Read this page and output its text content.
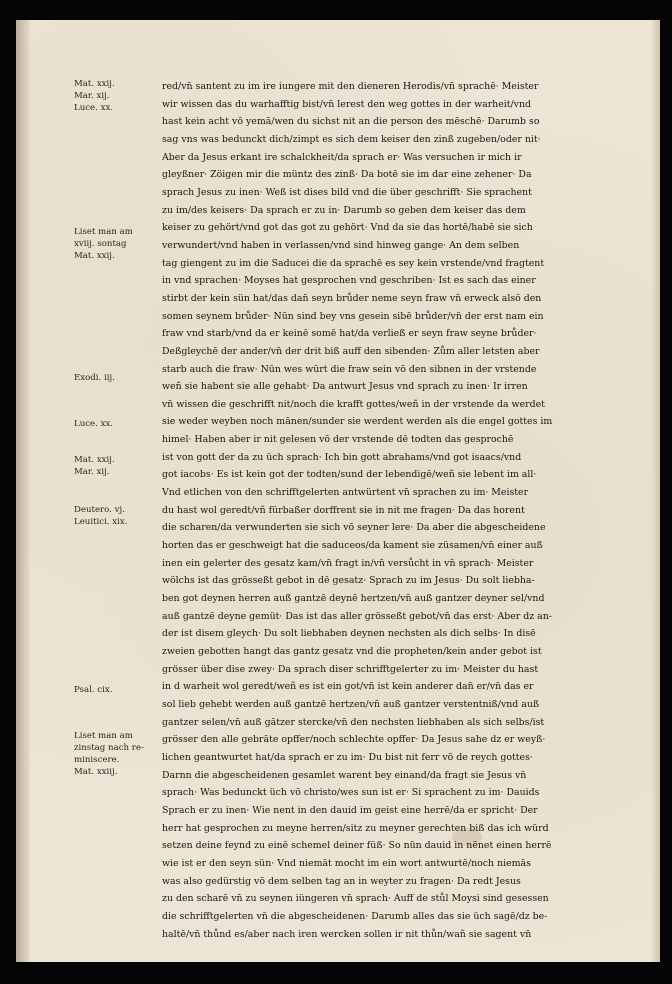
Mat. xxij.
Mar. xij.
Luce. xx.
Liset man am
xviij. sontag
Mat. xxij.
Exodi. iij.
Luce. xx.
Mat. xxij.
Mar. xij.
Deutero. vj.
Leuitici. xix.
Psal. cix.
Liset man am
zinstag nach re-
miniscere.
Mat. xxiij.
red/vn̄ santent zu im ire iungere mit den dieneren Herodis/vn̄ sprachē· Meister
wir wissen das du warhafftig bist/vn̄ lerest den weg gottes in der warheit/vnd
hast kein acht vō yemā/wen du sichst nit an die person des mēschē· Darumb so
sag vns was bedunckt dich/zimpt es sich dem keiser den zinß zugeben/oder nit·
Aber da Jesus erkant ire schalckheit/da sprach er· Was versuchen ir mich ir
gleyßner· Zöigen mir die müntz des zinß· Da botē sie im dar eine zehener· Da
sprach Jesus zu inen· Weß ist dises bild vnd die über geschrifft· Sie sprachent
zu im/des keisers· Da sprach er zu in· Darumb so geben dem keiser das dem
keiser zu gehört/vnd got das got zu gehört· Vnd da sie das hortē/habē sie sich
verwundert/vnd haben in verlassen/vnd sind hinweg gange· An dem selben
tag giengent zu im die Saducei die da sprachē es sey kein vrstende/vnd fragtent
in vnd sprachen· Moyses hat gesprochen vnd geschriben· Ist es sach das einer
stirbt der kein sün hat/das dan̄ seyn brůder neme seyn fraw vn̄ erweck alsō den
somen seynem brůder· Nūn sind bey vns gesein sibē brůder/vn̄ der erst nam ein
fraw vnd starb/vnd da er keinē somē hat/da verließ er seyn fraw seyne brůder·
Deßgleychē der ander/vn̄ der drit biß auff den sibenden· Zům aller letsten aber
starb auch die fraw· Nūn wes würt die fraw sein vō den sibnen in der vrstende
weñ sie habent sie alle gehabt· Da antwurt Jesus vnd sprach zu inen· Ir irren
vn̄ wissen die geschrifft nit/noch die krafft gottes/weñ in der vrstende da werdet
sie weder weyben noch mānen/sunder sie werdent werden als die engel gottes im
himel· Haben aber ir nit gelesen vō der vrstende dē todten das gesprochē
ist von gott der da zu üch sprach· Ich bin gott abrahams/vnd got isaacs/vnd
got iacobs· Es ist kein got der todten/sund der lebendigē/weñ sie lebent im all·
Vnd etlichen von den schrifftgelerten antwürtent vn̄ sprachen zu im· Meister
du hast wol geredt/vñ fürbaßer dorffrent sie in nit me fragen· Da das horent
die scharen/da verwunderten sie sich vō seyner lere· Da aber die abgescheidene
horten das er geschweigt hat die saduceos/da kament sie züsamen/vn̄ einer auß
inen ein gelerter des gesatz kam/vn̄ fragt in/vn̄ versůcht in vn̄ sprach· Meister
wölchs ist das grösseßt gebot in dē gesatz· Sprach zu im Jesus· Du solt liebha-
ben got deynen herren auß gantzē deynē hertzen/vn̄ auß gantzer deyner sel/vnd
auß gantzē deyne gemüt· Das ist das aller grösseßt gebot/vn̄ das erst· Aber dz an-
der ist disem gleych· Du solt liebhaben deynen nechsten als dich selbs· In disē
zweien gebotten hangt das gantz gesatz vnd die propheten/kein ander gebot ist
grösser über dise zwey· Da sprach diser schrifftgelerter zu im· Meister du hast
in d warheit wol geredt/weñ es ist ein got/vn̄ ist kein anderer dan̄ er/vn̄ das er
sol lieb gehebt werden auß gantzē hertzen/vn̄ auß gantzer verstentniß/vnd auß
gantzer selen/vn̄ auß gātzer stercke/vn̄ den nechsten liebhaben als sich selbs/ist
grösser den alle gebrāte opffer/noch schlechte opffer· Da Jesus sahe dz er weyß·
lichen geantwurtet hat/da sprach er zu im· Du bist nit ferr vō de reych gottes·
Darnn die abgescheidenen gesamlet warent bey einand/da fragt sie Jesus vn̄
sprach· Was bedunckt üch vō christo/wes sun ist er· Si sprachent zu im· Dauids
Sprach er zu inen· Wie nent in den dauid im geist eine herrē/da er spricht· Der
herr hat gesprochen zu meyne herren/sitz zu meyner gerechten biß das ich würd
setzen deine feynd zu einē schemel deiner füß· So nün dauid in nēnet einen herrē
wie ist er den seyn sün· Vnd niemāt mocht im ein wort antwurtē/noch niemās
was also gedürstig vō dem selben tag an in weyter zu fragen· Da redt Jesus
zu den scharē vn̄ zu seynen iüngeren vn̄ sprach· Auff de stůl Moysi sind gesessen
die schrifftgelerten vn̄ die abgescheidenen· Darumb alles das sie üch sagē/dz be-
haltē/vn̄ thůnd es/aber nach iren wercken sollen ir nit thůn/wañ sie sagent vn̄
